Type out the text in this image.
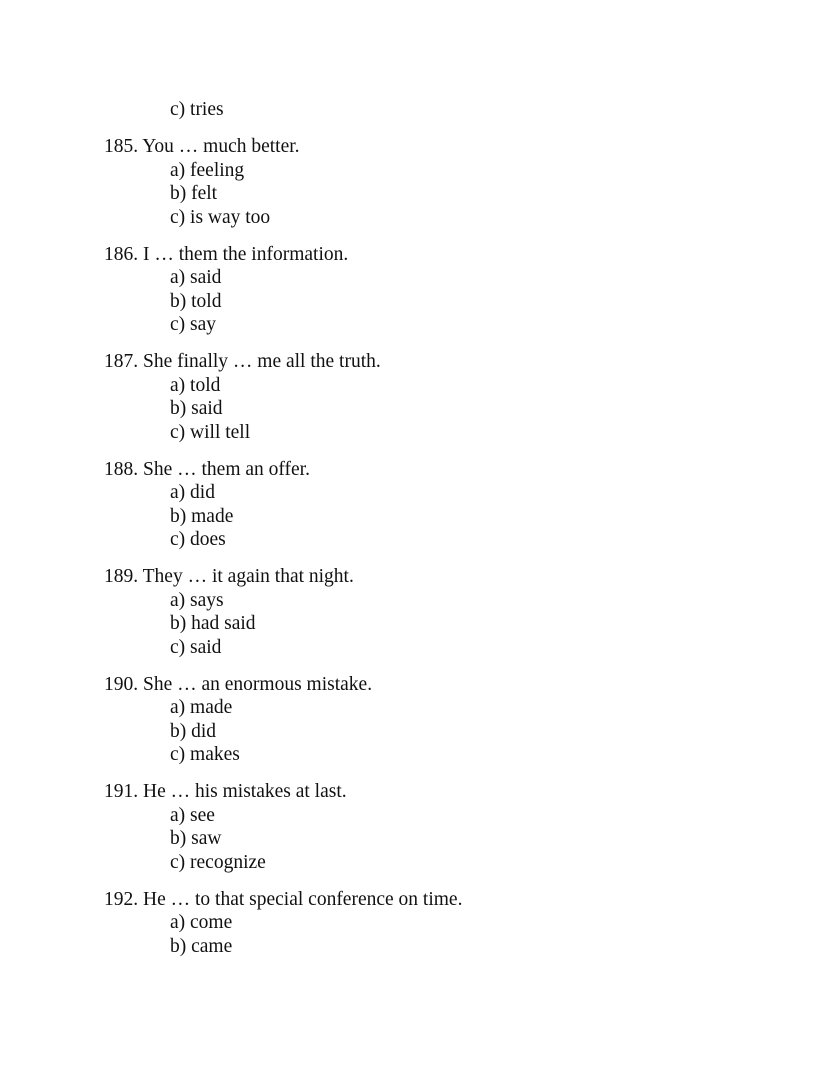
c) tries
185. You … much better.
a) feeling
b) felt
c) is way too
186. I … them the information.
a) said
b) told
c) say
187. She finally … me all the truth.
a) told
b) said
c) will tell
188. She … them an offer.
a) did
b) made
c) does
189. They … it again that night.
a) says
b) had said
c) said
190. She … an enormous mistake.
a) made
b) did
c) makes
191. He … his mistakes at last.
a) see
b) saw
c) recognize
192. He … to that special conference on time.
a) come
b) came
